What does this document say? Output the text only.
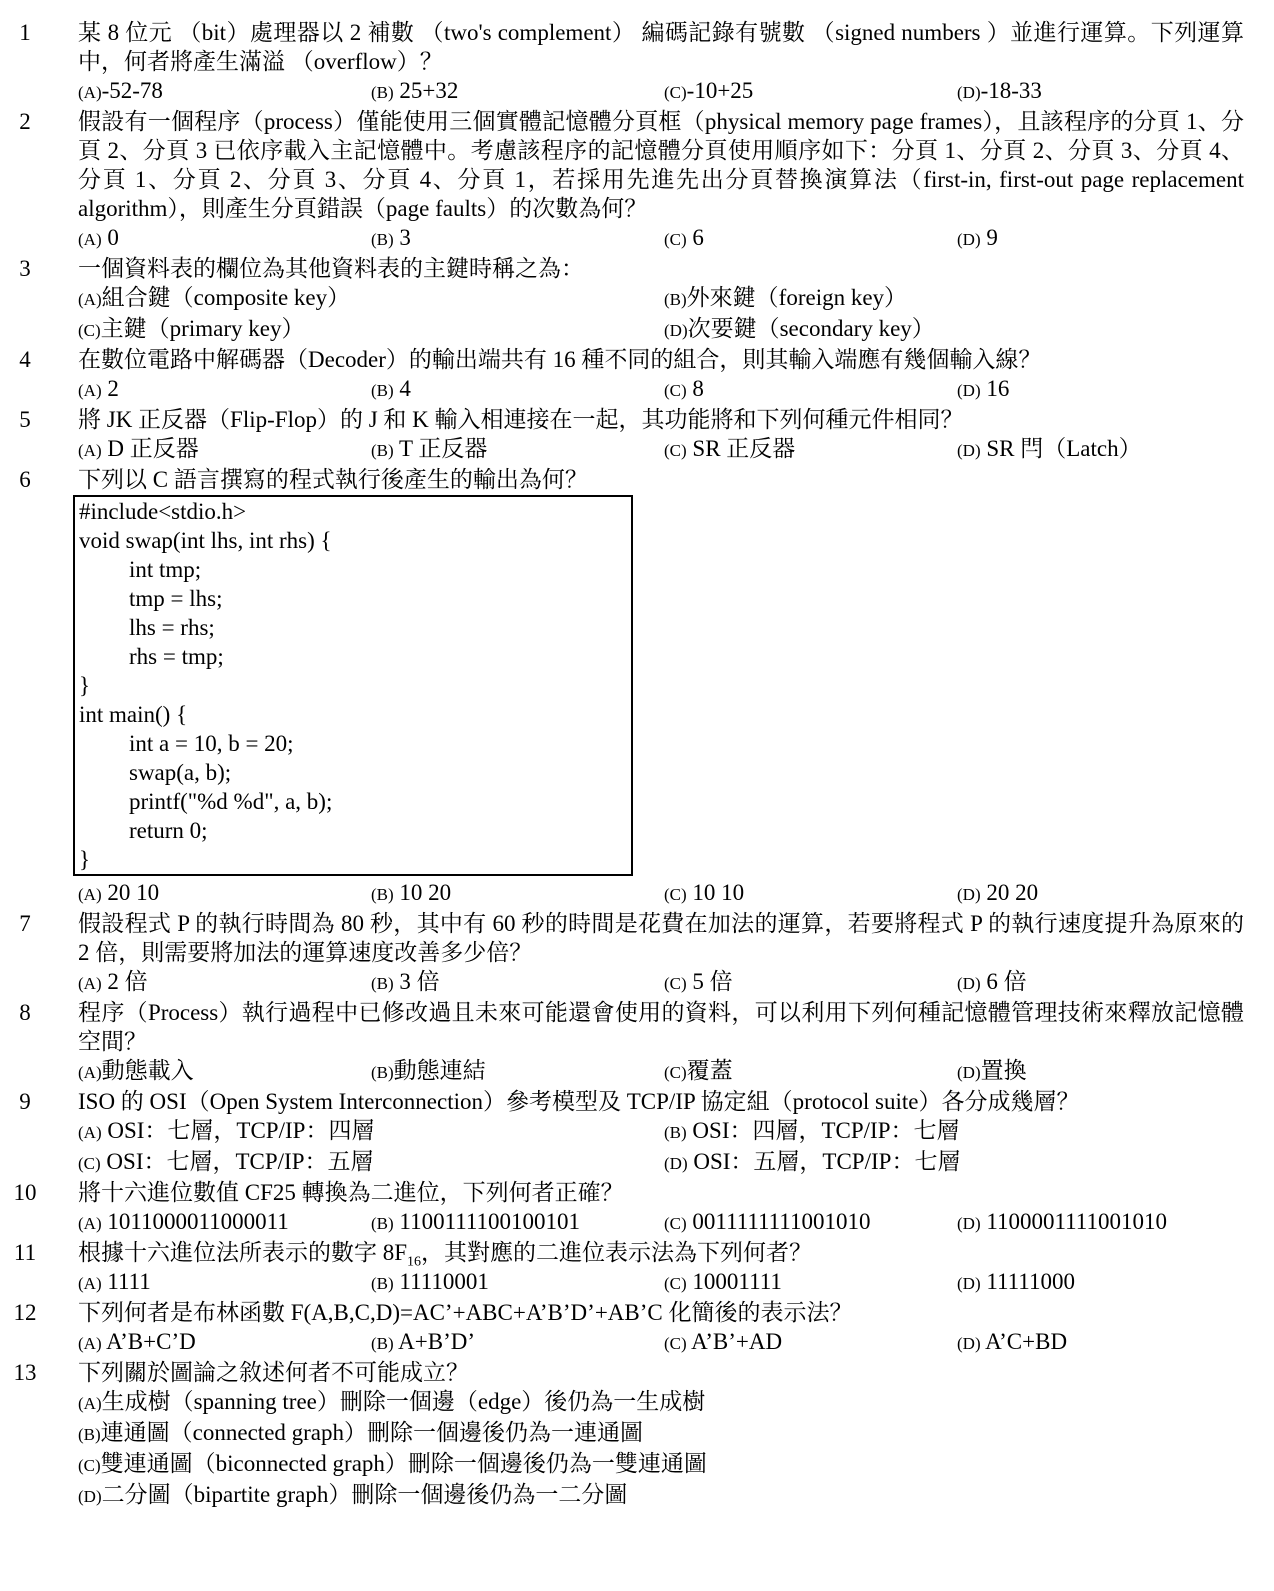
1	某 8 位元 （bit）處理器以 2 補數 （two's complement） 編碼記錄有號數 （signed numbers ）並進行運算。下列運算中，何者將產生滿溢 （overflow）？
(A)-52-78	(B) 25+32	(C)-10+25	(D)-18-33
2	假設有一個程序（process）僅能使用三個實體記憶體分頁框（physical memory page frames），且該程序的分頁 1、分頁 2、分頁 3 已依序載入主記憶體中。考慮該程序的記憶體分頁使用順序如下：分頁 1、分頁 2、分頁 3、分頁 4、分頁 1、分頁 2、分頁 3、分頁 4、分頁 1，若採用先進先出分頁替換演算法（first-in, first-out page replacement algorithm），則產生分頁錯誤（page faults）的次數為何？
(A) 0	(B) 3	(C) 6	(D) 9
3	一個資料表的欄位為其他資料表的主鍵時稱之為：
(A)組合鍵（composite key）	(B)外來鍵（foreign key）
(C)主鍵（primary key）	(D)次要鍵（secondary key）
4	在數位電路中解碼器（Decoder）的輸出端共有 16 種不同的組合，則其輸入端應有幾個輸入線？
(A) 2	(B) 4	(C) 8	(D) 16
5	將 JK 正反器（Flip-Flop）的 J 和 K 輸入相連接在一起，其功能將和下列何種元件相同？
(A) D 正反器	(B) T 正反器	(C) SR 正反器	(D) SR 閂（Latch）
6	下列以 C 語言撰寫的程式執行後產生的輸出為何？
#include<stdio.h>
void swap(int lhs, int rhs) {
int tmp;
tmp = lhs;
lhs = rhs;
rhs = tmp;
}
int main() {
int a = 10, b = 20;
swap(a, b);
printf("%d %d", a, b);
return 0;
}
(A) 20 10	(B) 10 20	(C) 10 10	(D) 20 20
7	假設程式 P 的執行時間為 80 秒，其中有 60 秒的時間是花費在加法的運算，若要將程式 P 的執行速度提升為原來的 2 倍，則需要將加法的運算速度改善多少倍？
(A) 2 倍	(B) 3 倍	(C) 5 倍	(D) 6 倍
8	程序（Process）執行過程中已修改過且未來可能還會使用的資料，可以利用下列何種記憶體管理技術來釋放記憶體空間？
(A)動態載入	(B)動態連結	(C)覆蓋	(D)置換
9	ISO 的 OSI（Open System Interconnection）參考模型及 TCP/IP 協定組（protocol suite）各分成幾層？
(A) OSI：七層，TCP/IP：四層	(B) OSI：四層，TCP/IP：七層
(C) OSI：七層，TCP/IP：五層	(D) OSI：五層，TCP/IP：七層
10	將十六進位數值 CF25 轉換為二進位，下列何者正確？
(A) 1011000011000011	(B) 1100111100100101	(C) 0011111111001010	(D) 1100001111001010
11	根據十六進位法所表示的數字 $8F_{16}$，其對應的二進位表示法為下列何者？
(A) 1111	(B) 11110001	(C) 10001111	(D) 11111000
12	下列何者是布林函數 F(A,B,C,D)=AC’+ABC+A’B’D’+AB’C 化簡後的表示法？
(A) A’B+C’D	(B) A+B’D’	(C) A’B’+AD	(D) A’C+BD
13	下列關於圖論之敘述何者不可能成立？
(A)生成樹（spanning tree）刪除一個邊（edge）後仍為一生成樹
(B)連通圖（connected graph）刪除一個邊後仍為一連通圖
(C)雙連通圖（biconnected graph）刪除一個邊後仍為一雙連通圖
(D)二分圖（bipartite graph）刪除一個邊後仍為一二分圖
